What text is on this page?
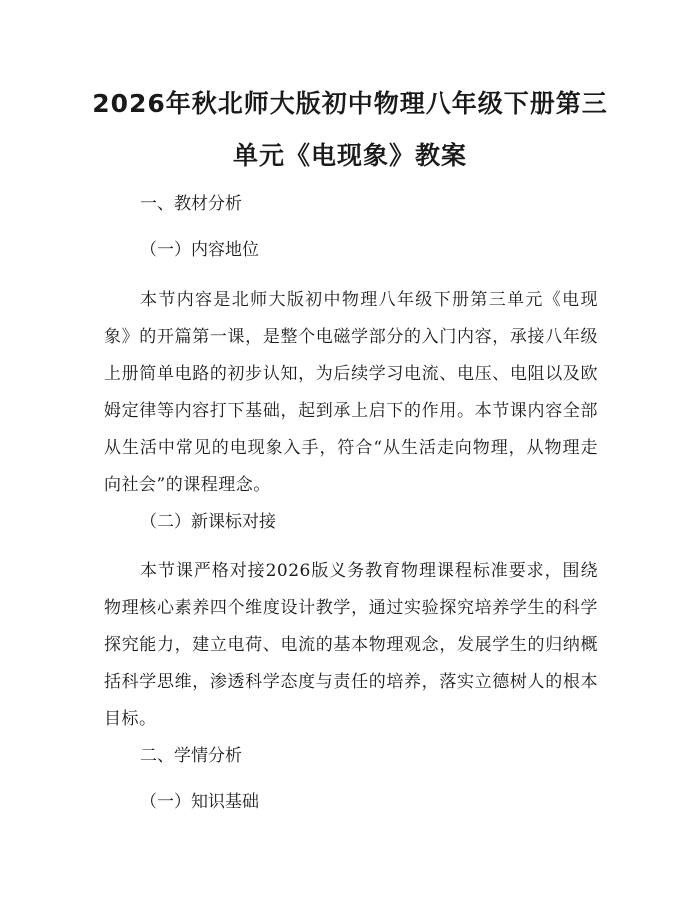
2026年秋北师大版初中物理八年级下册第三单元《电现象》教案
一、教材分析
（一）内容地位

本节内容是北师大版初中物理八年级下册第三单元《电现象》的开篇第一课，是整个电磁学部分的入门内容，承接八年级上册简单电路的初步认知，为后续学习电流、电压、电阻以及欧姆定律等内容打下基础，起到承上启下的作用。本节课内容全部从生活中常见的电现象入手，符合“从生活走向物理，从物理走向社会”的课程理念。

（二）新课标对接

本节课严格对接2026版义务教育物理课程标准要求，围绕物理核心素养四个维度设计教学，通过实验探究培养学生的科学探究能力，建立电荷、电流的基本物理观念，发展学生的归纳概括科学思维，渗透科学态度与责任的培养，落实立德树人的根本目标。

二、学情分析
（一）知识基础
